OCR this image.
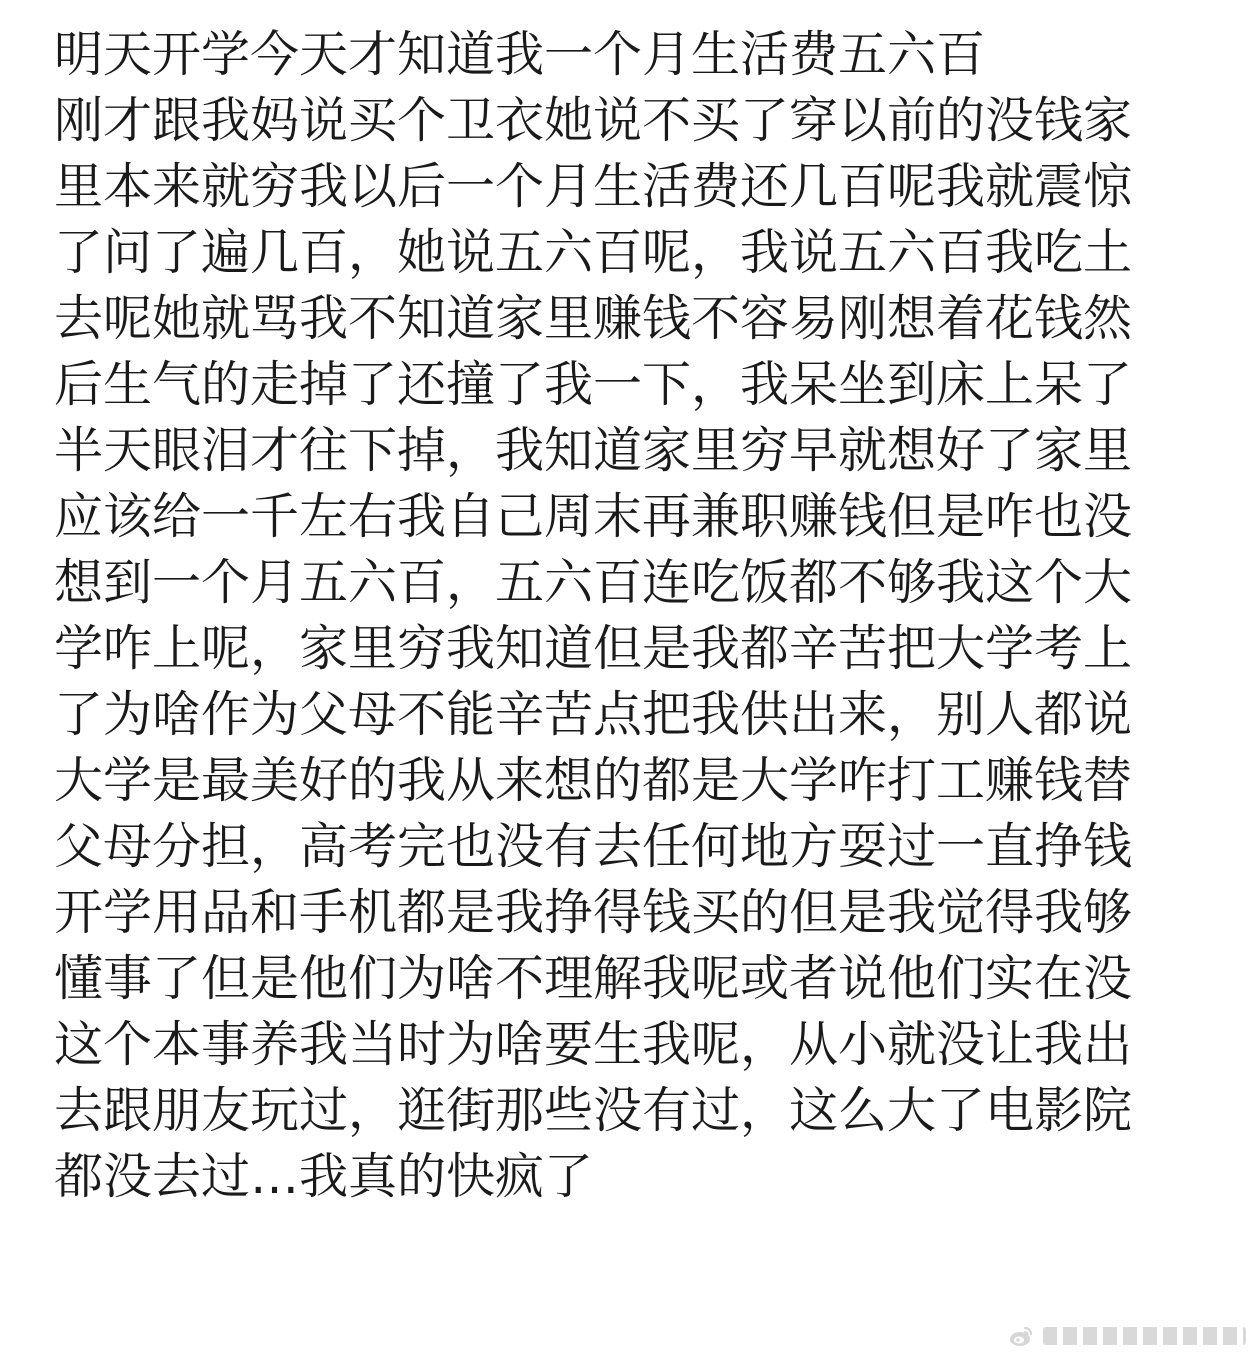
明天开学今天才知道我一个月生活费五六百
刚才跟我妈说买个卫衣她说不买了穿以前的没钱家
里本来就穷我以后一个月生活费还几百呢我就震惊
了问了遍几百，她说五六百呢，我说五六百我吃土
去呢她就骂我不知道家里赚钱不容易刚想着花钱然
后生气的走掉了还撞了我一下，我呆坐到床上呆了
半天眼泪才往下掉，我知道家里穷早就想好了家里
应该给一千左右我自己周末再兼职赚钱但是咋也没
想到一个月五六百，五六百连吃饭都不够我这个大
学咋上呢，家里穷我知道但是我都辛苦把大学考上
了为啥作为父母不能辛苦点把我供出来，别人都说
大学是最美好的我从来想的都是大学咋打工赚钱替
父母分担，高考完也没有去任何地方耍过一直挣钱
开学用品和手机都是我挣得钱买的但是我觉得我够
懂事了但是他们为啥不理解我呢或者说他们实在没
这个本事养我当时为啥要生我呢，从小就没让我出
去跟朋友玩过，逛街那些没有过，这么大了电影院
都没去过…我真的快疯了
